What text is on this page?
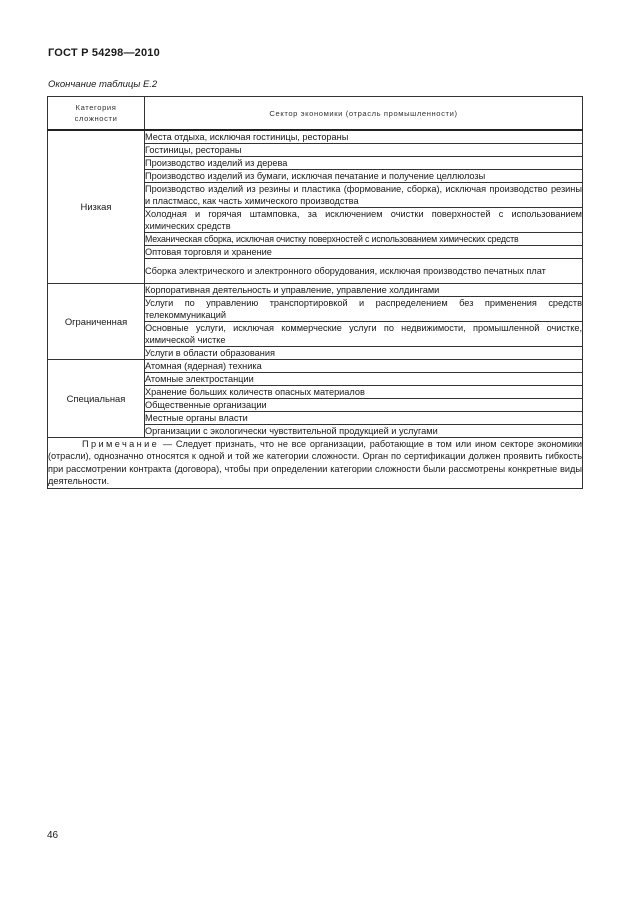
ГОСТ Р 54298—2010
Окончание таблицы Е.2
Категория сложности	Сектор экономики (отрасль промышленности)
Низкая	Места отдыха, исключая гостиницы, рестораны
	Гостиницы, рестораны
	Производство изделий из дерева
	Производство изделий из бумаги, исключая печатание и получение целлюлозы
	Производство изделий из резины и пластика (формование, сборка), исключая производство резины и пластмасс, как часть химического производства
	Холодная и горячая штамповка, за исключением очистки поверхностей с использованием химических средств
	Механическая сборка, исключая очистку поверхностей с использованием химических средств
	Оптовая торговля и хранение
	Сборка электрического и электронного оборудования, исключая производство печатных плат
Ограниченная	Корпоративная деятельность и управление, управление холдингами
	Услуги по управлению транспортировкой и распределением без применения средств телекоммуникаций
	Основные услуги, исключая коммерческие услуги по недвижимости, промышленной очистке, химической чистке
	Услуги в области образования
Специальная	Атомная (ядерная) техника
	Атомные электростанции
	Хранение больших количеств опасных материалов
	Общественные организации
	Местные органы власти
	Организации с экологически чувствительной продукцией и услугами
Примечание — Следует признать, что не все организации, работающие в том или ином секторе экономики (отрасли), однозначно относятся к одной и той же категории сложности. Орган по сертификации должен проявить гибкость при рассмотрении контракта (договора), чтобы при определении категории сложности были рассмотрены конкретные виды деятельности.	
46
